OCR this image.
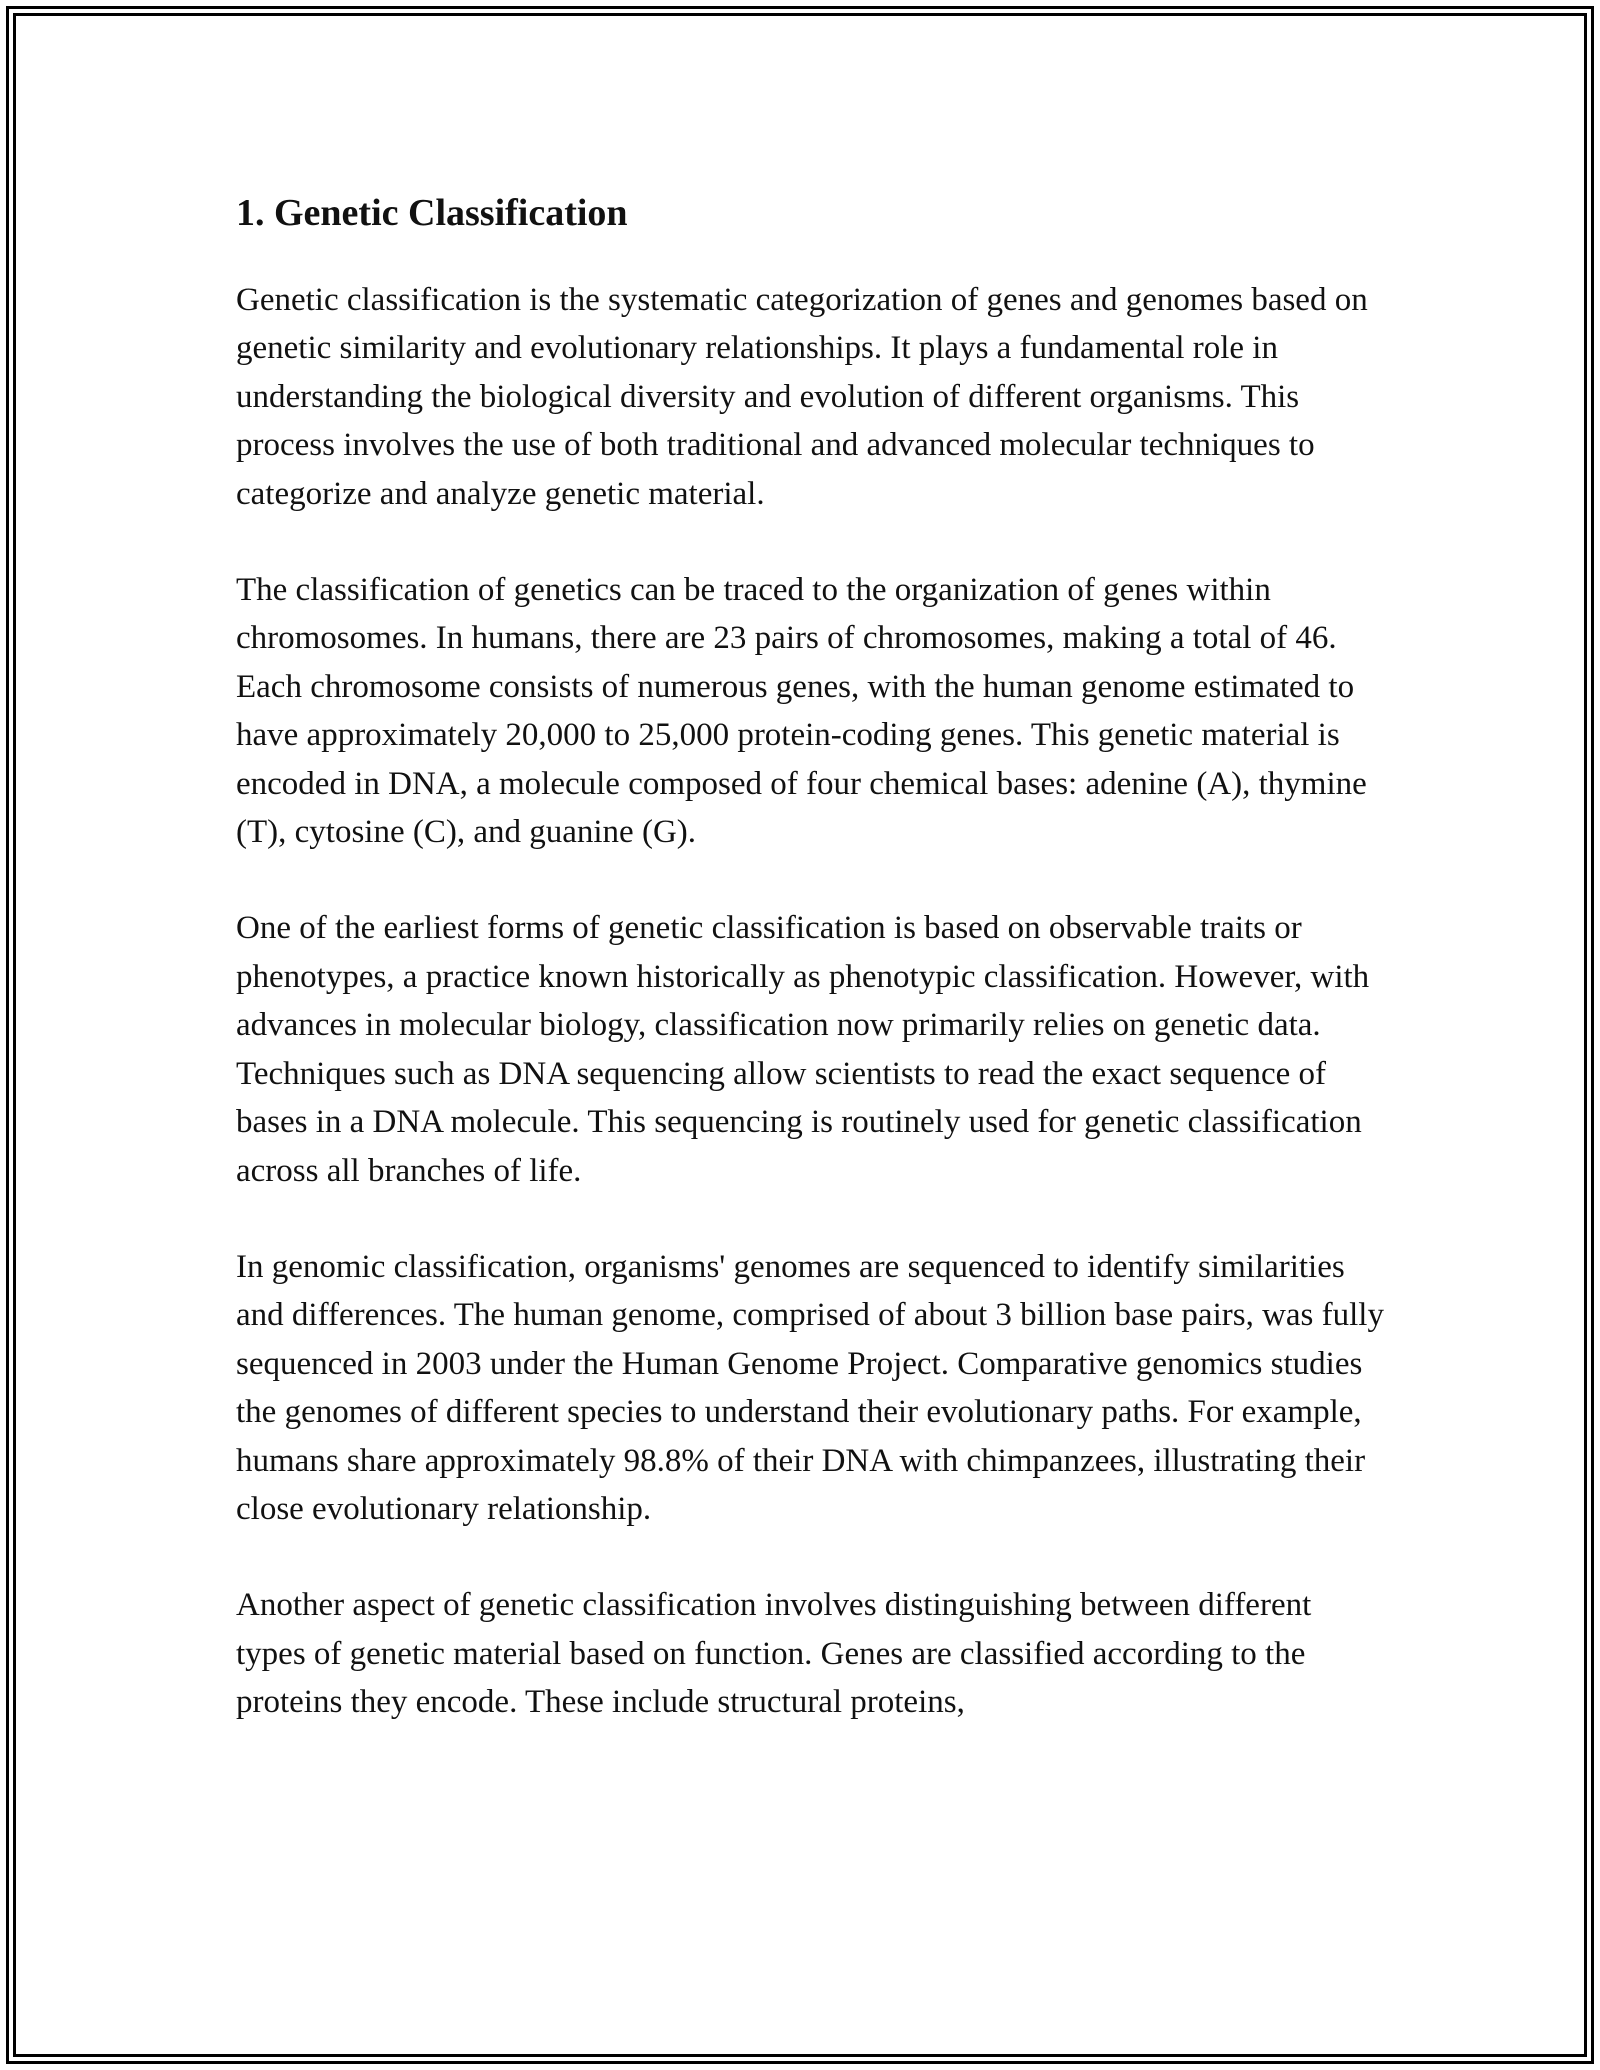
1. Genetic Classification

Genetic classification is the systematic categorization of genes and genomes based on genetic similarity and evolutionary relationships. It plays a fundamental role in understanding the biological diversity and evolution of different organisms. This process involves the use of both traditional and advanced molecular techniques to categorize and analyze genetic material.

The classification of genetics can be traced to the organization of genes within chromosomes. In humans, there are 23 pairs of chromosomes, making a total of 46. Each chromosome consists of numerous genes, with the human genome estimated to have approximately 20,000 to 25,000 protein-coding genes. This genetic material is encoded in DNA, a molecule composed of four chemical bases: adenine (A), thymine (T), cytosine (C), and guanine (G).

One of the earliest forms of genetic classification is based on observable traits or phenotypes, a practice known historically as phenotypic classification. However, with advances in molecular biology, classification now primarily relies on genetic data. Techniques such as DNA sequencing allow scientists to read the exact sequence of bases in a DNA molecule. This sequencing is routinely used for genetic classification across all branches of life.

In genomic classification, organisms' genomes are sequenced to identify similarities and differences. The human genome, comprised of about 3 billion base pairs, was fully sequenced in 2003 under the Human Genome Project. Comparative genomics studies the genomes of different species to understand their evolutionary paths. For example, humans share approximately 98.8% of their DNA with chimpanzees, illustrating their close evolutionary relationship.

Another aspect of genetic classification involves distinguishing between different types of genetic material based on function. Genes are classified according to the proteins they encode. These include structural proteins,
